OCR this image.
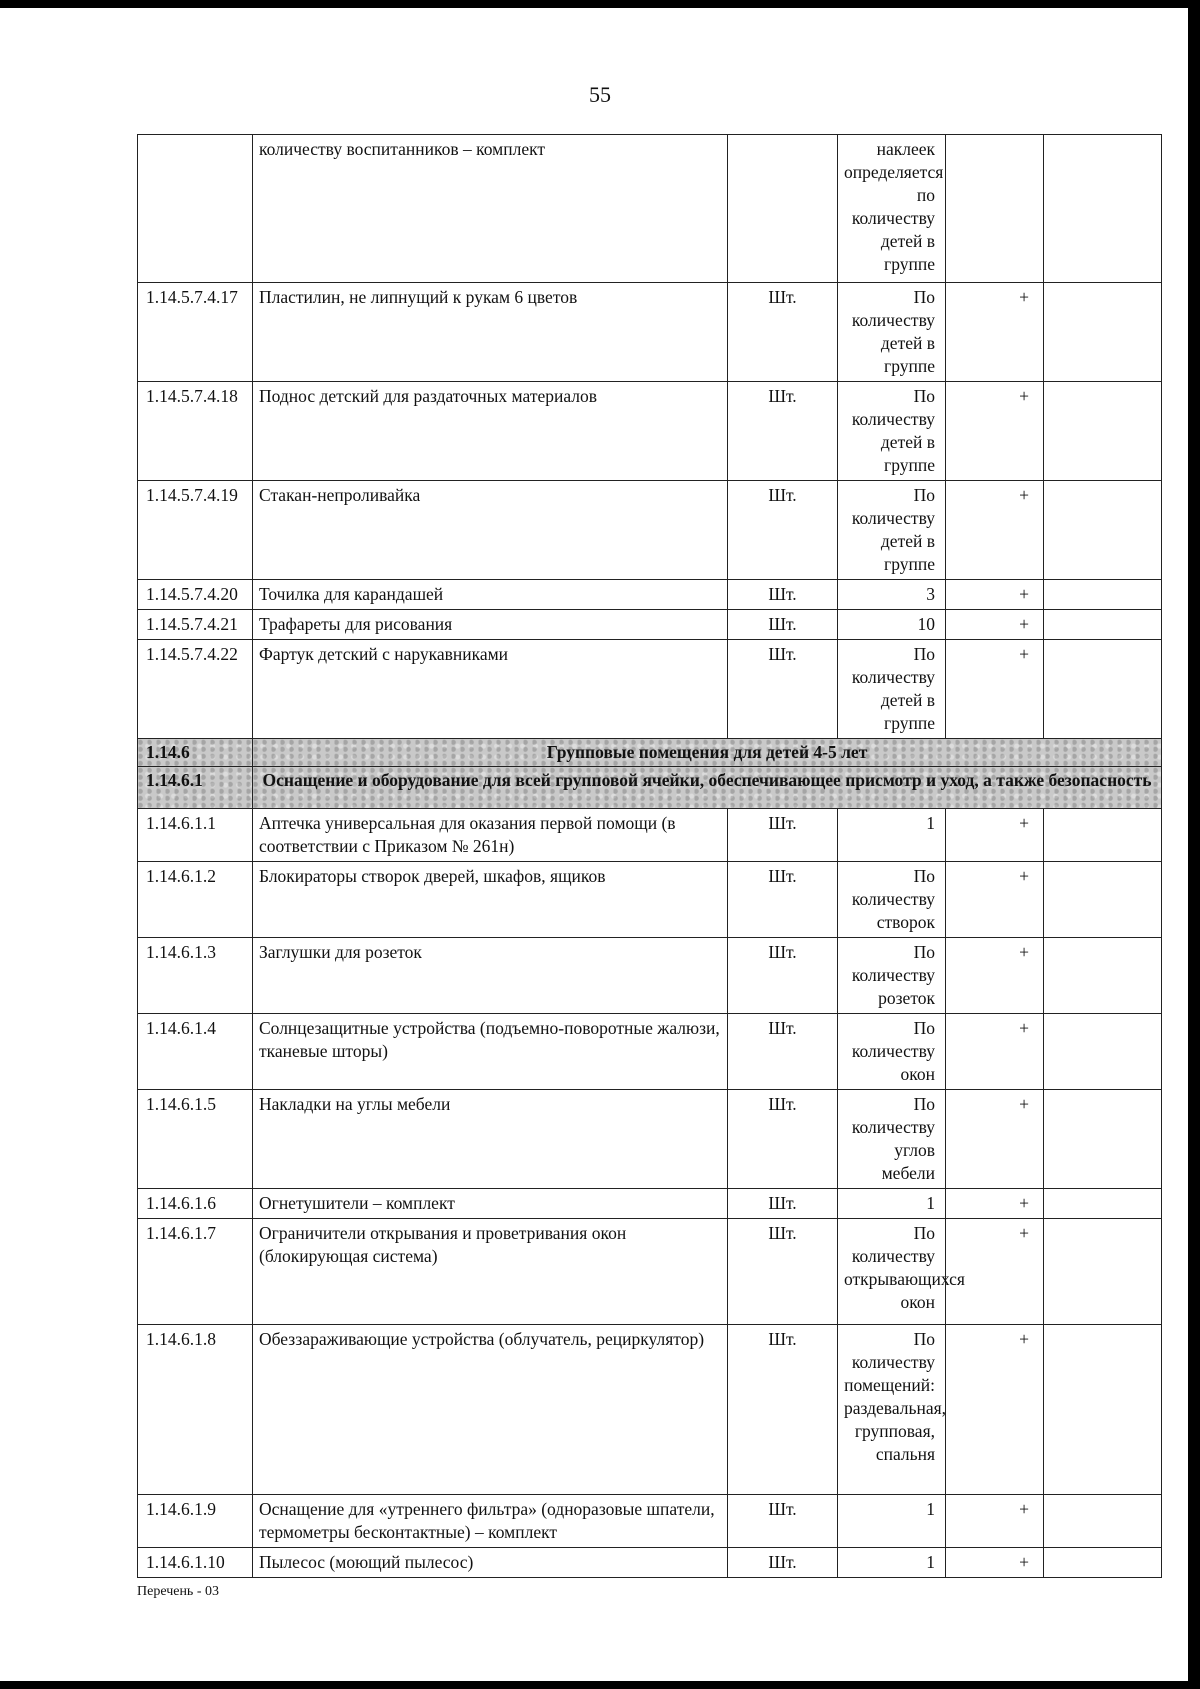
55
	количеству воспитанников – комплект		наклеек определяется по количеству детей в группе		
1.14.5.7.4.17	Пластилин, не липнущий к рукам 6 цветов	Шт.	По количеству детей в группе	+	
1.14.5.7.4.18	Поднос детский для раздаточных материалов	Шт.	По количеству детей в группе	+	
1.14.5.7.4.19	Стакан-непроливайка	Шт.	По количеству детей в группе	+	
1.14.5.7.4.20	Точилка для карандашей	Шт.	3	+	
1.14.5.7.4.21	Трафареты для рисования	Шт.	10	+	
1.14.5.7.4.22	Фартук детский с нарукавниками	Шт.	По количеству детей в группе	+	
1.14.6	Групповые помещения для детей 4-5 лет				
1.14.6.1	Оснащение и оборудование для всей групповой ячейки, обеспечивающее присмотр и уход, а также безопасность				
1.14.6.1.1	Аптечка универсальная для оказания первой помощи (в соответствии с Приказом № 261н)	Шт.	1	+	
1.14.6.1.2	Блокираторы створок дверей, шкафов, ящиков	Шт.	По количеству створок	+	
1.14.6.1.3	Заглушки для розеток	Шт.	По количеству розеток	+	
1.14.6.1.4	Солнцезащитные устройства (подъемно-поворотные жалюзи, тканевые шторы)	Шт.	По количеству окон	+	
1.14.6.1.5	Накладки на углы мебели	Шт.	По количеству углов мебели	+	
1.14.6.1.6	Огнетушители – комплект	Шт.	1	+	
1.14.6.1.7	Ограничители открывания и проветривания окон (блокирующая система)	Шт.	По количеству открывающихся окон	+	
1.14.6.1.8	Обеззараживающие устройства (облучатель, рециркулятор)	Шт.	По количеству помещений: раздевальная, групповая, спальня	+	
1.14.6.1.9	Оснащение для «утреннего фильтра» (одноразовые шпатели, термометры бесконтактные) – комплект	Шт.	1	+	
1.14.6.1.10	Пылесос (моющий пылесос)	Шт.	1	+	
Перечень - 03
